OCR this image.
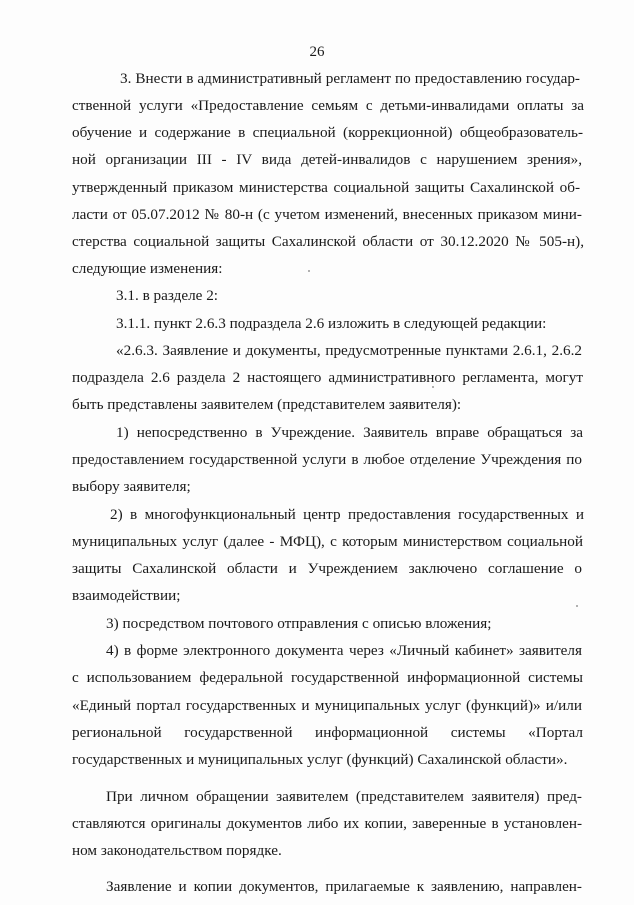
26
3. Внести в административный регламент по предоставлению государ-
ственной услуги «Предоставление семьям с детьми-инвалидами оплаты за
обучение и содержание в специальной (коррекционной) общеобразователь-
ной организации III - IV вида детей-инвалидов с нарушением зрения»,
утвержденный приказом министерства социальной защиты Сахалинской об-
ласти от 05.07.2012 № 80-н (с учетом изменений, внесенных приказом мини-
стерства социальной защиты Сахалинской области от 30.12.2020 № 505-н),
следующие изменения:
3.1. в разделе 2:
3.1.1. пункт 2.6.3 подраздела 2.6 изложить в следующей редакции:
«2.6.3. Заявление и документы, предусмотренные пунктами 2.6.1, 2.6.2
подраздела 2.6 раздела 2 настоящего административного регламента, могут
быть представлены заявителем (представителем заявителя):
1) непосредственно в Учреждение. Заявитель вправе обращаться за
предоставлением государственной услуги в любое отделение Учреждения по
выбору заявителя;
2) в многофункциональный центр предоставления государственных и
муниципальных услуг (далее - МФЦ), с которым министерством социальной
защиты Сахалинской области и Учреждением заключено соглашение о
взаимодействии;
3) посредством почтового отправления с описью вложения;
4) в форме электронного документа через «Личный кабинет» заявителя
с использованием федеральной государственной информационной системы
«Единый портал государственных и муниципальных услуг (функций)» и/или
региональной государственной информационной системы «Портал
государственных и муниципальных услуг (функций) Сахалинской области».
При личном обращении заявителем (представителем заявителя) пред-
ставляются оригиналы документов либо их копии, заверенные в установлен-
ном законодательством порядке.
Заявление и копии документов, прилагаемые к заявлению, направлен-
